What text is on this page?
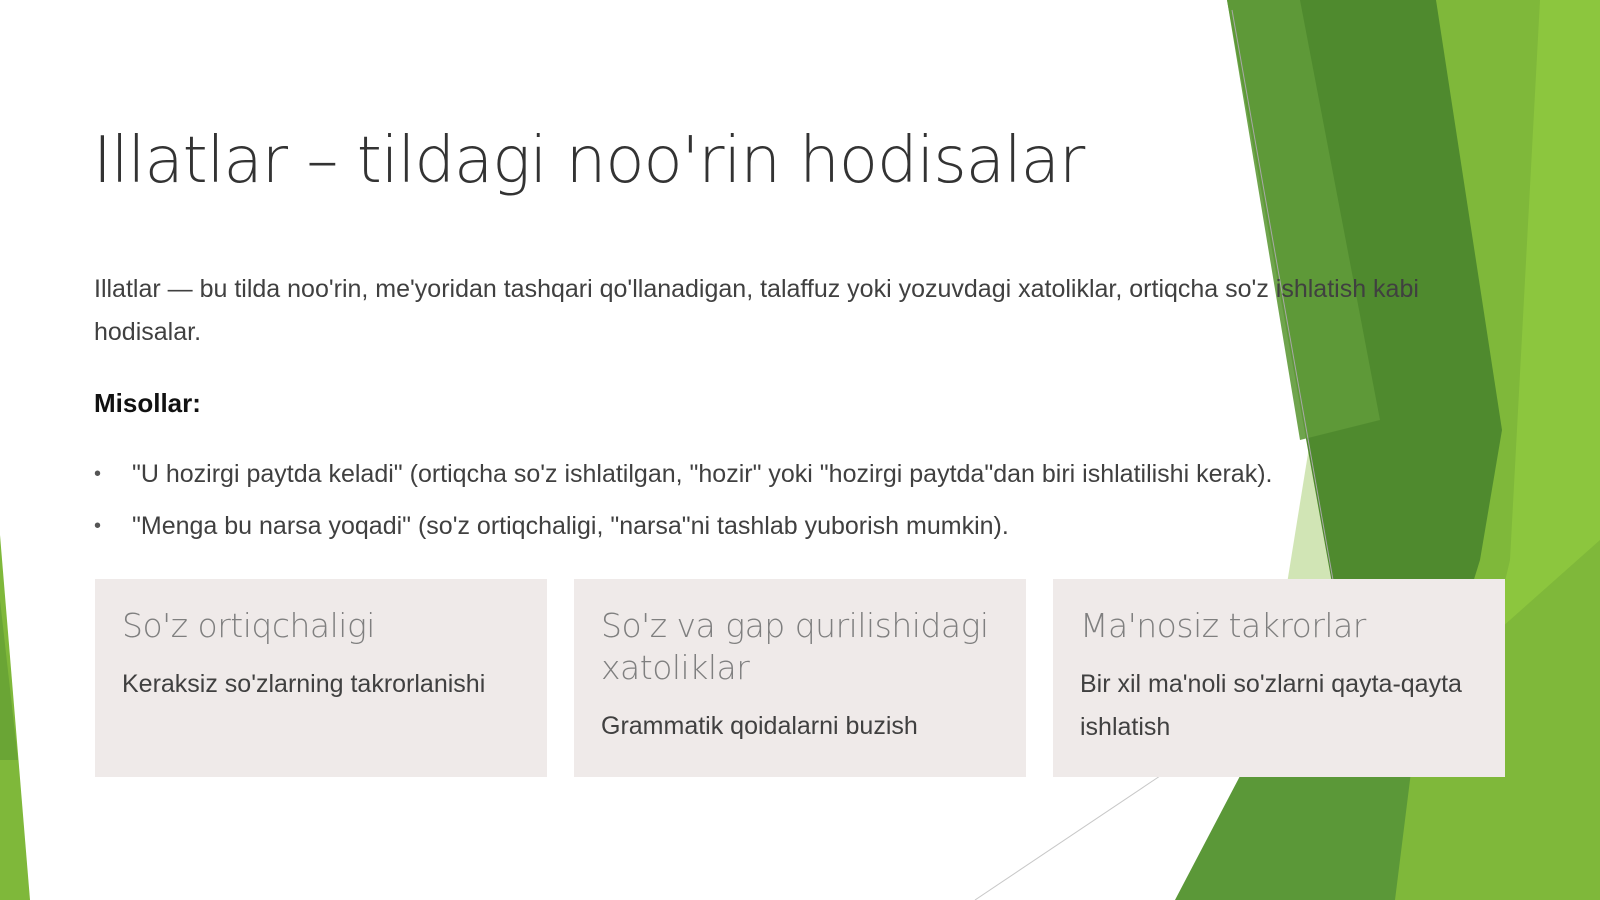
Illatlar – tildagi noo'rin hodisalar

Illatlar — bu tilda noo'rin, me'yoridan tashqari qo'llanadigan, talaffuz yoki yozuvdagi xatoliklar, ortiqcha so'z ishlatish kabi hodisalar.

Misollar:

• "U hozirgi paytda keladi" (ortiqcha so'z ishlatilgan, "hozir" yoki "hozirgi paytda"dan biri ishlatilishi kerak).
• "Menga bu narsa yoqadi" (so'z ortiqchaligi, "narsa"ni tashlab yuborish mumkin).

So'z ortiqchaligi

Keraksiz so'zlarning takrorlanishi

So'z va gap qurilishidagi xatoliklar

Grammatik qoidalarni buzish

Ma'nosiz takrorlar

Bir xil ma'noli so'zlarni qayta-qayta ishlatish
